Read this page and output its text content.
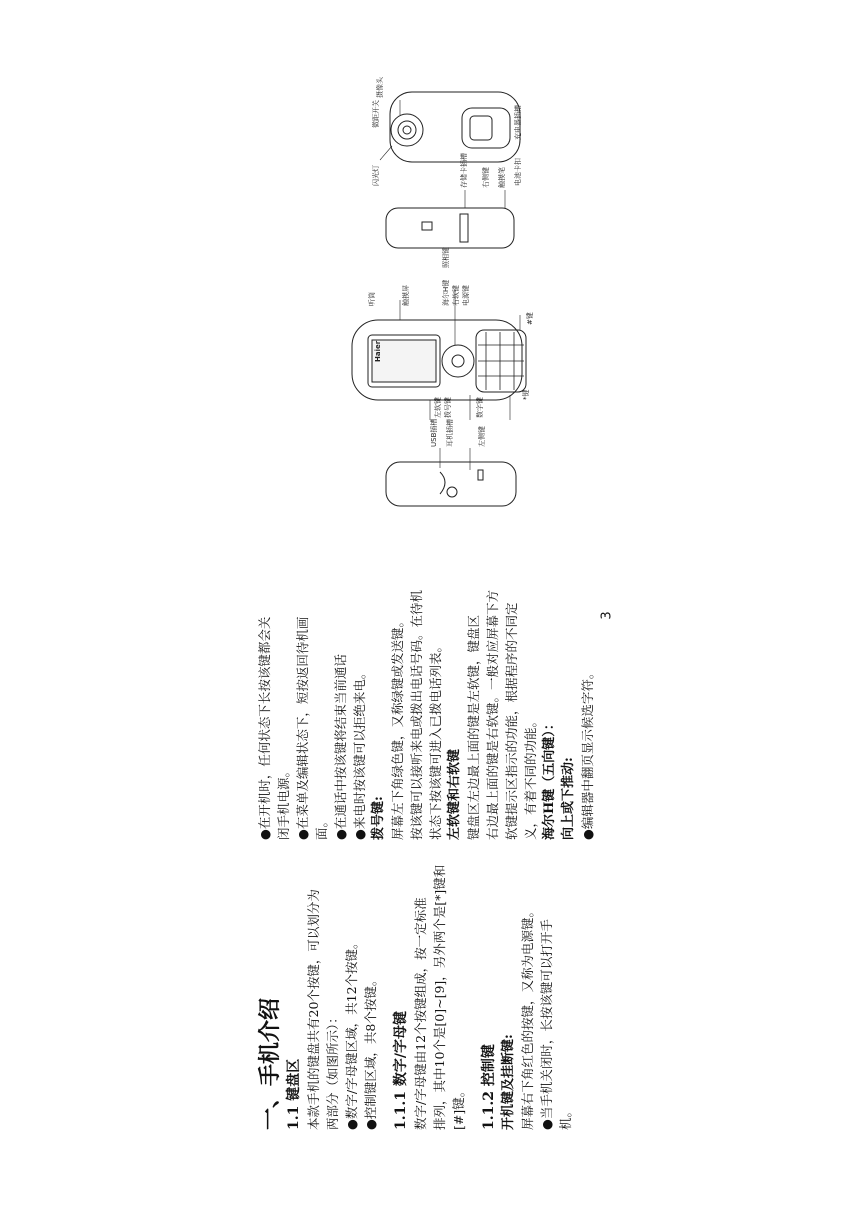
一、手机介绍 1.1 键盘区 本款手机的键盘共有20个按键，可以划分为 两部分（如图所示）： ●数字/字母键区域，共12个按键。 ●控制键区域，共8个按键。 1.1.1 数字/字母键 数字/字母键由12个按键组成，按一定标准 排列，其中10个是[0]~[9]，另外两个是[*]键和 [#]键。 1.1.2 控制键 开机键及挂断键: 屏幕右下角红色的按键，又称为电源键。 ●当手机关闭时，长按该键可以打开手 机。
●在开机时，任何状态下长按该键都会关 闭手机电源。 ●在菜单及编辑状态下，短按返回待机画 面。 ●在通话中按该键将结束当前通话 ●来电时按该键可以拒绝来电。 拨号键: 屏幕左下角绿色键，又称绿键或发送键。 按该键可以接听来电或拨出电话号码。在待机 状态下按该键可进入已拨电话列表。 左软键和右软键 键盘区左边最上面的键是左软键，键盘区 右边最上面的键是右软键。一般对应屏幕下方 软键提示区指示的功能，根据程序的不同定 义，有着不同的功能。 海尔H键（五向键）： 向上或下推动: ●编辑器中翻页显示候选字符。
3
USB插槽 耳机插槽	左侧键
左软键 拨号键	数字键
*键
#键
海尔H键
照相键
右软键 电源键
听筒	触摸屏
存储卡插槽 右侧键 触摸笔
微距开关
摄像头
闪光灯	电池卡扣
充电器插槽
Haier
